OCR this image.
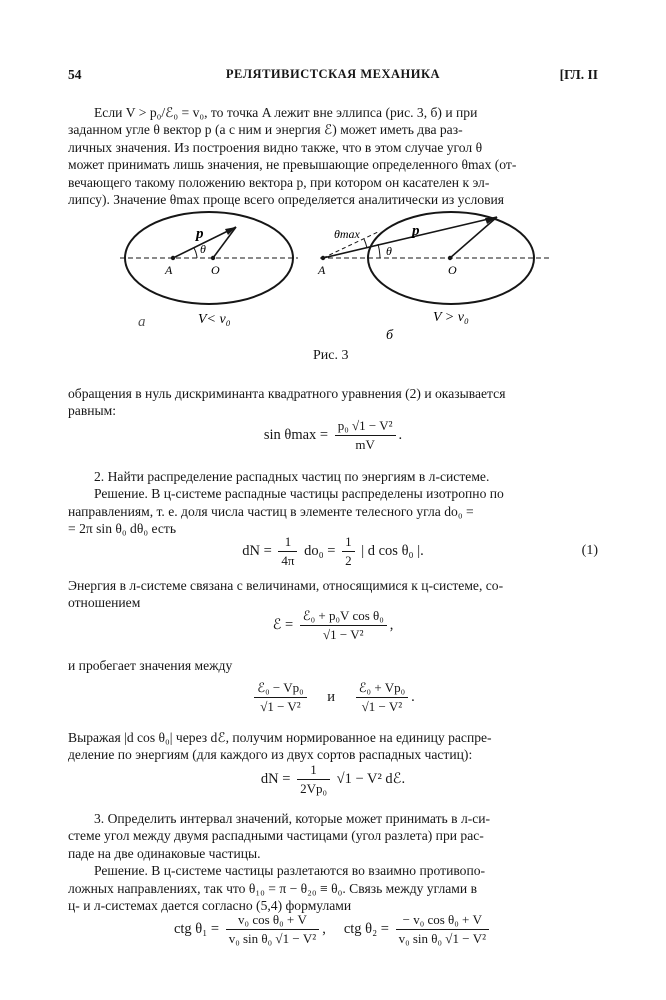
54	РЕЛЯТИВИСТСКАЯ МЕХАНИКА	[ГЛ. II
Если V > p₀/ℰ₀ = v₀, то точка A лежит вне эллипса (рис. 3, б) и при
заданном угле θ вектор p (а с ним и энергия ℰ) может иметь два раз-
личных значения. Из построения видно также, что в этом случае угол θ
может принимать лишь значения, не превышающие определенного θmax (от-
вечающего такому положению вектора p, при котором он касателен к эл-
липсу). Значение θmax проще всего определяется аналитически из условия
p
θ
A	O
а	V< v₀
p
θ
θmax
A	O
V > v₀
б
Рис. 3
обращения в нуль дискриминанта квадратного уравнения (2) и оказывается
равным:
$\sin \theta\max = \frac{\text{p₀ √1 − V²}}{mV}$ .
2. Найти распределение распадных частиц по энергиям в л-системе.
Решение. В ц-системе распадные частицы распределены изотропно по
направлениям, т. е. доля числа частиц в элементе телесного угла do₀ =
= 2π sin θ₀ dθ₀ есть
dN = $\frac{1}{4\pi} do_0 = \frac{1}{2}$ | d cos θ₀ |.	(1)
Энергия в л-системе связана с величинами, относящимися к ц-системе, со-
отношением
ℰ = $\frac{\text{ℰ₀ + p₀V cos θ₀}}{\text{√1 − V²}}$ ,
и пробегает значения между
$\frac{\text{ℰ₀ − Vp₀}}{\text{√1 − V²}}$ и $\frac{\text{ℰ₀ + Vp₀}}{\text{√1 − V²}}$ .
Выражая |d cos θ₀| через dℰ, получим нормированное на единицу распре-
деление по энергиям (для каждого из двух сортов распадных частиц):
dN = $\frac{1}{\text{2Vp₀}} √1 - V^2$ dℰ.
3. Определить интервал значений, которые может принимать в л-си-
стеме угол между двумя распадными частицами (угол разлета) при рас-
паде на две одинаковые частицы.
Решение. В ц-системе частицы разлетаются во взаимно противопо-
ложных направлениях, так что θ₁₀ = π − θ₂₀ ≡ θ₀. Связь между углами в
ц- и л-системах дается согласно (5,4) формулами
ctg $\theta_1 = \frac{\text{v₀ cos θ₀ + V}}{\text{v₀ sin θ₀ √1 − V²}}$ , ctg $\theta_2 = \frac{\text{− v₀ cos θ₀ + V}}{\text{v₀ sin θ₀ √1 − V²}}$
